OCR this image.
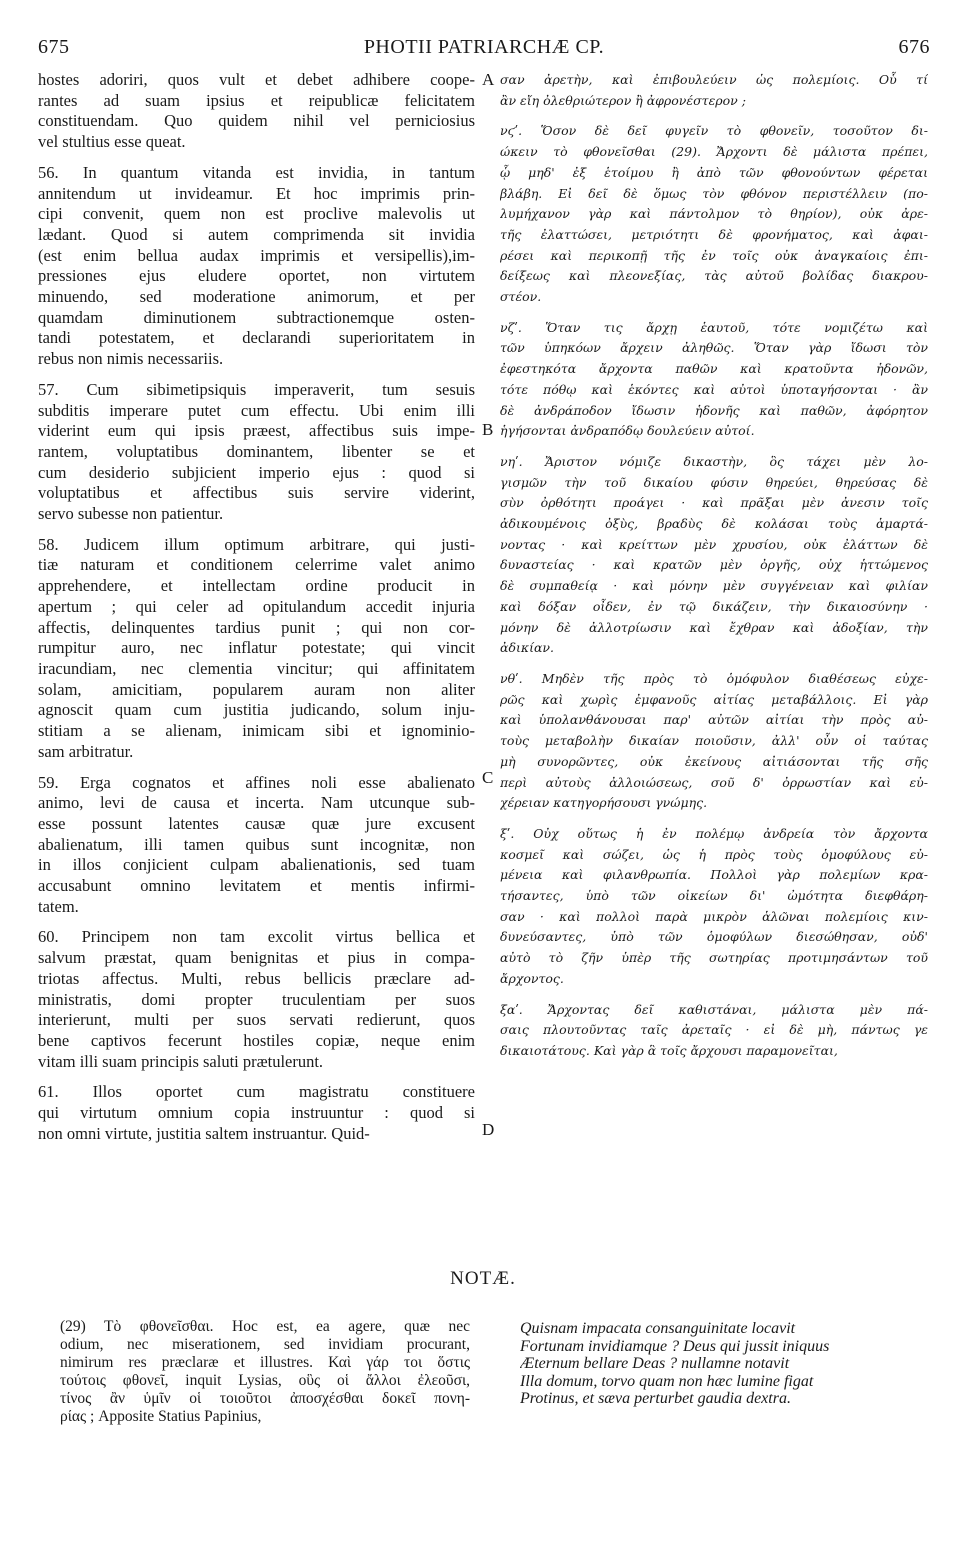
675	PHOTII PATRIARCHÆ CP.	676
hostes adoriri, quos vult et debet adhibere coope-
rantes ad suam ipsius et reipublicæ felicitatem
constituendam. Quo quidem nihil vel perniciosius
vel stultius esse queat.
56. In quantum vitanda est invidia, in tantum
annitendum ut invideamur. Et hoc imprimis prin-
cipi convenit, quem non est proclive malevolis ut
lædant. Quod si autem comprimenda sit invidia
(est enim bellua audax imprimis et versipellis),im-
pressiones ejus eludere oportet, non virtutem
minuendo, sed moderatione animorum, et per
quamdam diminutionem subtractionemque osten-
tandi potestatem, et declarandi superioritatem in
rebus non nimis necessariis.
57. Cum sibimetipsiquis imperaverit, tum sesuis
subditis imperare putet cum effectu. Ubi enim illi
viderint eum qui ipsis præest, affectibus suis impe-
rantem, voluptatibus dominantem, libenter se et
cum desiderio subjicient imperio ejus : quod si
voluptatibus et affectibus suis servire viderint,
servo subesse non patientur.
58. Judicem illum optimum arbitrare, qui justi-
tiæ naturam et conditionem celerrime valet animo
apprehendere, et intellectam ordine producit in
apertum ; qui celer ad opitulandum accedit injuria
affectis, delinquentes tardius punit ; qui non cor-
rumpitur auro, nec inflatur potestate; qui vincit
iracundiam, nec clementia vincitur; qui affinitatem
solam, amicitiam, popularem auram non aliter
agnoscit quam cum justitia judicando, solum inju-
stitiam a se alienam, inimicam sibi et ignominio-
sam arbitratur.
59. Erga cognatos et affines noli esse abalienato
animo, levi de causa et incerta. Nam utcunque sub-
esse possunt latentes causæ quæ jure excusent
abalienatum, illi tamen quibus sunt incognitæ, non
in illos conjicient culpam abalienationis, sed tuam
accusabunt omnino levitatem et mentis infirmi-
tatem.
60. Principem non tam excolit virtus bellica et
salvum præstat, quam benignitas et pius in compa-
triotas affectus. Multi, rebus bellicis præclare ad-
ministratis, domi propter truculentiam per suos
interierunt, multi per suos servati redierunt, quos
bene captivos fecerunt hostiles copiæ, neque enim
vitam illi suam principis saluti prætulerunt.
61. Illos oportet cum magistratu constituere
qui virtutum omnium copia instruuntur : quod si
non omni virtute, justitia saltem instruantur. Quid-
σαν ἀρετὴν, καὶ ἐπιβουλεύειν ὡς πολεμίοις. Οὗ τί
ἂν εἴη ὀλεθριώτερον ἢ ἀφρονέστερον ;
νϛʹ. Ὅσον δὲ δεῖ φυγεῖν τὸ φθονεῖν, τοσοῦτον δι-
ώκειν τὸ φθονεῖσθαι (29). Ἄρχοντι δὲ μάλιστα πρέπει,
ᾧ μηδ' ἐξ ἑτοίμου ἢ ἀπὸ τῶν φθονούντων φέρεται
βλάβη. Εἰ δεῖ δὲ ὅμως τὸν φθόνον περιστέλλειν (πο-
λυμήχανον γὰρ καὶ πάντολμον τὸ θηρίον), οὐκ ἀρε-
τῆς ἐλαττώσει, μετριότητι δὲ φρονήματος, καὶ ἀφαι-
ρέσει καὶ περικοπῇ τῆς ἐν τοῖς οὐκ ἀναγκαίοις ἐπι-
δείξεως καὶ πλεονεξίας, τὰς αὐτοῦ βολίδας διακρου-
στέον.
νζʹ. Ὅταν τις ἄρχῃ ἑαυτοῦ, τότε νομιζέτω καὶ
τῶν ὑπηκόων ἄρχειν ἀληθῶς. Ὅταν γὰρ ἴδωσι τὸν
ἐφεστηκότα ἄρχοντα παθῶν καὶ κρατοῦντα ἡδονῶν,
τότε πόθῳ καὶ ἑκόντες καὶ αὐτοὶ ὑποταγήσονται · ἂν
δὲ ἀνδράποδον ἴδωσιν ἡδονῆς καὶ παθῶν, ἀφόρητον
ἡγήσονται ἀνδραπόδῳ δουλεύειν αὐτοί.
νηʹ. Ἄριστον νόμιζε δικαστὴν, ὃς τάχει μὲν λο-
γισμῶν τὴν τοῦ δικαίου φύσιν θηρεύει, θηρεύσας δὲ
σὺν ὀρθότητι προάγει · καὶ πρᾶξαι μὲν ἀνεσιν τοῖς
ἀδικουμένοις ὀξὺς, βραδὺς δὲ κολάσαι τοὺς ἁμαρτά-
νοντας · καὶ κρείττων μὲν χρυσίου, οὐκ ἐλάττων δὲ
δυναστείας · καὶ κρατῶν μὲν ὀργῆς, οὐχ ἡττώμενος
δὲ συμπαθείᾳ · καὶ μόνην μὲν συγγένειαν καὶ φιλίαν
καὶ δόξαν οἶδεν, ἐν τῷ δικάζειν, τὴν δικαιοσύνην ·
μόνην δὲ ἀλλοτρίωσιν καὶ ἔχθραν καὶ ἀδοξίαν, τὴν
ἀδικίαν.
νθʹ. Μηδὲν τῆς πρὸς τὸ ὁμόφυλον διαθέσεως εὐχε-
ρῶς καὶ χωρὶς ἐμφανοῦς αἰτίας μεταβάλλοις. Εἰ γὰρ
καὶ ὑπολανθάνουσαι παρ' αὐτῶν αἰτίαι τὴν πρὸς αὐ-
τοὺς μεταβολὴν δικαίαν ποιοῦσιν, ἀλλ' οὖν οἱ ταύτας
μὴ συνορῶντες, οὐκ ἐκείνους αἰτιάσονται τῆς σῆς
περὶ αὐτοὺς ἀλλοιώσεως, σοῦ δ' ὀρρωστίαν καὶ εὐ-
χέρειαν κατηγορήσουσι γνώμης.
ξʹ. Οὐχ οὕτως ἡ ἐν πολέμῳ ἀνδρεία τὸν ἄρχοντα
κοσμεῖ καὶ σώζει, ὡς ἡ πρὸς τοὺς ὁμοφύλους εὐ-
μένεια καὶ φιλανθρωπία. Πολλοὶ γὰρ πολεμίων κρα-
τήσαντες, ὑπὸ τῶν οἰκείων δι' ὠμότητα διεφθάρη-
σαν · καὶ πολλοὶ παρὰ μικρὸν ἁλῶναι πολεμίοις κιν-
δυνεύσαντες, ὑπὸ τῶν ὁμοφύλων διεσώθησαν, οὐδ'
αὐτὸ τὸ ζῆν ὑπὲρ τῆς σωτηρίας προτιμησάντων τοῦ
ἄρχοντος.
ξαʹ. Ἄρχοντας δεῖ καθιστάναι, μάλιστα μὲν πά-
σαις πλουτοῦντας ταῖς ἀρεταῖς · εἰ δὲ μὴ, πάντως γε
δικαιοτάτους. Καὶ γὰρ ἃ τοῖς ἄρχουσι παραμονεῖται,
A
B
C
D
NOTÆ.
(29) Τὸ φθονεῖσθαι. Hoc est, ea agere, quæ nec
odium, nec miserationem, sed invidiam procurant,
nimirum res præclaræ et illustres. Καὶ γάρ τοι ὅστις
τούτοις φθονεῖ, inquit Lysias, οὓς οἱ ἄλλοι ἐλεοῦσι,
τίνος ἂν ὑμῖν οἱ τοιοῦτοι ἀποσχέσθαι δοκεῖ πονη-
ρίας ; Apposite Statius Papinius,
Quisnam impacata consanguinitate locavit
Fortunam invidiamque ? Deus qui jussit iniquus
Æternum bellare Deas ? nullamne notavit
Illa domum, torvo quam non hæc lumine figat
Protinus, et sæva perturbet gaudia dextra.
